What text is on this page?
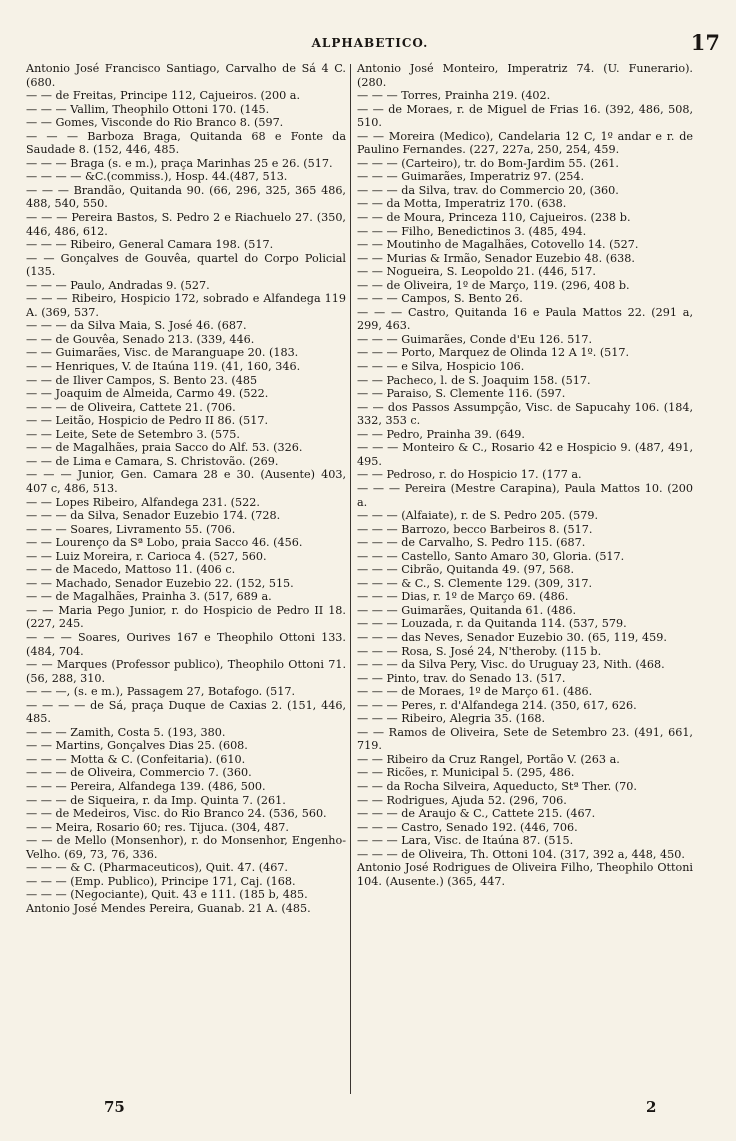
ALPHABETICO.	17

Antonio José Francisco Santiago, Carvalho de Sá 4 C. (680.

— — de Freitas, Principe 112, Cajueiros. (200 a.

— — — Vallim, Theophilo Ottoni 170. (145.

— — Gomes, Visconde do Rio Branco 8. (597.

— — — Barboza Braga, Quitanda 68 e Fonte da Saudade 8. (152, 446, 485.

— — — Braga (s. e m.), praça Marinhas 25 e 26. (517.

— — — — &C.(commiss.), Hosp. 44.(487, 513.

— — — Brandão, Quitanda 90. (66, 296, 325, 365 486, 488, 540, 550.

— — — Pereira Bastos, S. Pedro 2 e Riachuelo 27. (350, 446, 486, 612.

— — — Ribeiro, General Camara 198. (517.

— — Gonçalves de Gouvêa, quartel do Corpo Policial (135.

— — — Paulo, Andradas 9. (527.

— — — Ribeiro, Hospicio 172, sobrado e Alfandega 119 A. (369, 537.

— — — da Silva Maia, S. José 46. (687.

— — de Gouvêa, Senado 213. (339, 446.

— — Guimarães, Visc. de Maranguape 20. (183.

— — Henriques, V. de Itaúna 119. (41, 160, 346.

— — de Iliver Campos, S. Bento 23. (485

— — Joaquim de Almeida, Carmo 49. (522.

— — — de Oliveira, Cattete 21. (706.

— — Leitão, Hospicio de Pedro II 86. (517.

— — Leite, Sete de Setembro 3. (575.

— — de Magalhães, praia Sacco do Alf. 53. (326.

— — de Lima e Camara, S. Christovão. (269.

— — — Junior, Gen. Camara 28 e 30. (Ausente) 403, 407 c, 486, 513.

— — Lopes Ribeiro, Alfandega 231. (522.

— — — da Silva, Senador Euzebio 174. (728.

— — — Soares, Livramento 55. (706.

— — Lourenço da Sª Lobo, praia Sacco 46. (456.

— — Luiz Moreira, r. Carioca 4. (527, 560.

— — de Macedo, Mattoso 11. (406 c.

— — Machado, Senador Euzebio 22. (152, 515.

— — de Magalhães, Prainha 3. (517, 689 a.

— — Maria Pego Junior, r. do Hospicio de Pedro II 18. (227, 245.

— — — Soares, Ourives 167 e Theophilo Ottoni 133. (484, 704.

— — Marques (Professor publico), Theophilo Ottoni 71. (56, 288, 310.

— — —, (s. e m.), Passagem 27, Botafogo. (517.

— — — — de Sá, praça Duque de Caxias 2. (151, 446, 485.

— — — Zamith, Costa 5. (193, 380.

— — Martins, Gonçalves Dias 25. (608.

— — — Motta & C. (Confeitaria). (610.

— — — de Oliveira, Commercio 7. (360.

— — — Pereira, Alfandega 139. (486, 500.

— — — de Siqueira, r. da Imp. Quinta 7. (261.

— — de Medeiros, Visc. do Rio Branco 24. (536, 560.

— — Meira, Rosario 60; res. Tijuca. (304, 487.

— — de Mello (Monsenhor), r. do Monsenhor, Engenho-Velho. (69, 73, 76, 336.

— — — & C. (Pharmaceuticos), Quit. 47. (467.

— — — (Emp. Publico), Principe 171, Caj. (168.

— — — (Negociante), Quit. 43 e 111. (185 b, 485.

Antonio José Mendes Pereira, Guanab. 21 A. (485.

Antonio José Monteiro, Imperatriz 74. (U. Funerario). (280.

— — — Torres, Prainha 219. (402.

— — de Moraes, r. de Miguel de Frias 16. (392, 486, 508, 510.

— — Moreira (Medico), Candelaria 12 C, 1º andar e r. de Paulino Fernandes. (227, 227a, 250, 254, 459.

— — — (Carteiro), tr. do Bom-Jardim 55. (261.

— — — Guimarães, Imperatriz 97. (254.

— — — da Silva, trav. do Commercio 20, (360.

— — da Motta, Imperatriz 170. (638.

— — de Moura, Princeza 110, Cajueiros. (238 b.

— — — Filho, Benedictinos 3. (485, 494.

— — Moutinho de Magalhães, Cotovello 14. (527.

— — Murias & Irmão, Senador Euzebio 48. (638.

— — Nogueira, S. Leopoldo 21. (446, 517.

— — de Oliveira, 1º de Março, 119. (296, 408 b.

— — — Campos, S. Bento 26.

— — — Castro, Quitanda 16 e Paula Mattos 22. (291 a, 299, 463.

— — — Guimarães, Conde d'Eu 126. 517.

— — — Porto, Marquez de Olinda 12 A 1º. (517.

— — — e Silva, Hospicio 106.

— — Pacheco, l. de S. Joaquim 158. (517.

— — Paraiso, S. Clemente 116. (597.

— — dos Passos Assumpção, Visc. de Sapucahy 106. (184, 332, 353 c.

— — Pedro, Prainha 39. (649.

— — — Monteiro & C., Rosario 42 e Hospicio 9. (487, 491, 495.

— — Pedroso, r. do Hospicio 17. (177 a.

— — — Pereira (Mestre Carapina), Paula Mattos 10. (200 a.

— — — (Alfaiate), r. de S. Pedro 205. (579.

— — — Barrozo, becco Barbeiros 8. (517.

— — — de Carvalho, S. Pedro 115. (687.

— — — Castello, Santo Amaro 30, Gloria. (517.

— — — Cibrão, Quitanda 49. (97, 568.

— — — & C., S. Clemente 129. (309, 317.

— — — Dias, r. 1º de Março 69. (486.

— — — Guimarães, Quitanda 61. (486.

— — — Louzada, r. da Quitanda 114. (537, 579.

— — — das Neves, Senador Euzebio 30. (65, 119, 459.

— — — Rosa, S. José 24, N'theroby. (115 b.

— — — da Silva Pery, Visc. do Uruguay 23, Nith. (468.

— — Pinto, trav. do Senado 13. (517.

— — — de Moraes, 1º de Março 61. (486.

— — — Peres, r. d'Alfandega 214. (350, 617, 626.

— — — Ribeiro, Alegria 35. (168.

— — Ramos de Oliveira, Sete de Setembro 23. (491, 661, 719.

— — Ribeiro da Cruz Rangel, Portão V. (263 a.

— — Ricões, r. Municipal 5. (295, 486.

— — da Rocha Silveira, Aqueducto, Stª Ther. (70.

— — Rodrigues, Ajuda 52. (296, 706.

— — — de Araujo & C., Cattete 215. (467.

— — — Castro, Senado 192. (446, 706.

— — — Lara, Visc. de Itaúna 87. (515.

— — — de Oliveira, Th. Ottoni 104. (317, 392 a, 448, 450.

Antonio José Rodrigues de Oliveira Filho, Theophilo Ottoni 104. (Ausente.) (365, 447.

75	2
